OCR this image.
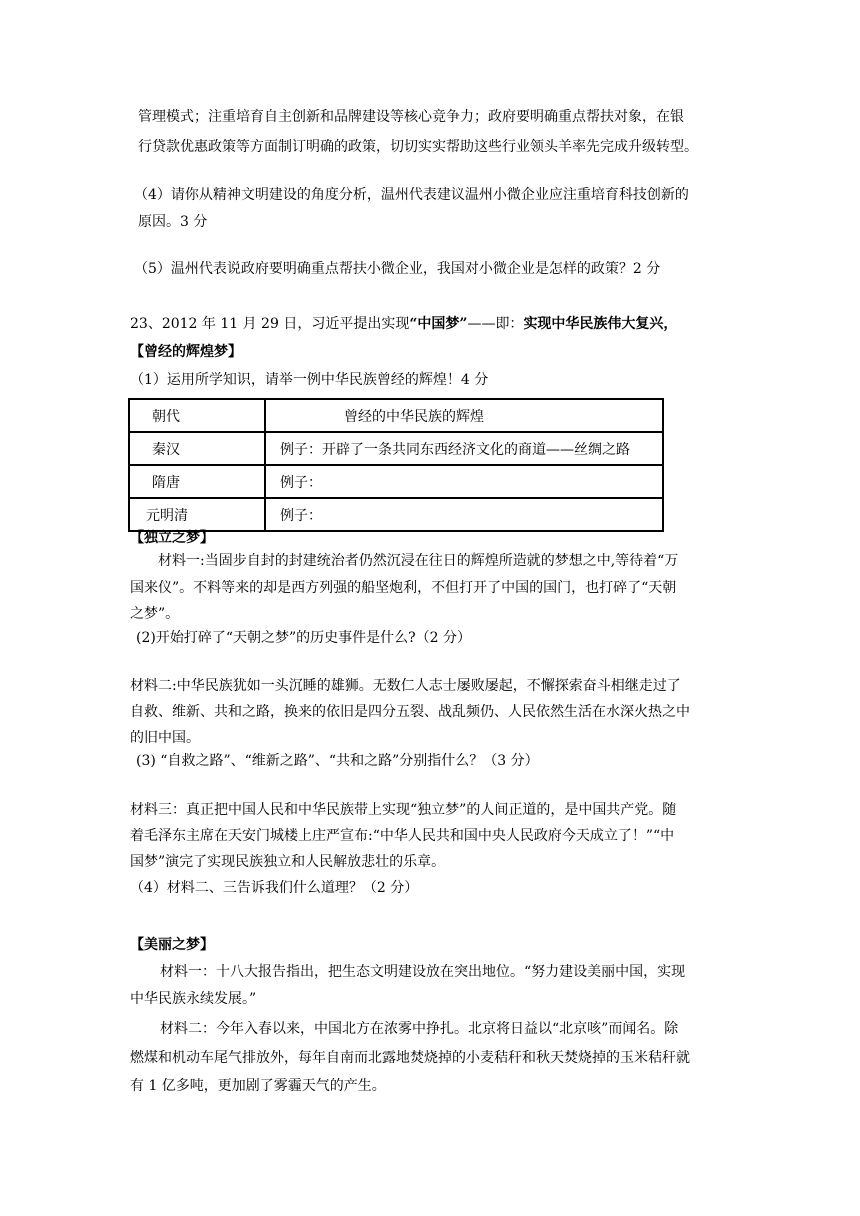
管理模式；注重培育自主创新和品牌建设等核心竞争力；政府要明确重点帮扶对象，在银
行贷款优惠政策等方面制订明确的政策，切切实实帮助这些行业领头羊率先完成升级转型。
（4）请你从精神文明建设的角度分析，温州代表建议温州小微企业应注重培育科技创新的
原因。3 分
（5）温州代表说政府要明确重点帮扶小微企业，我国对小微企业是怎样的政策？2 分
23、2012 年 11 月 29 日，习近平提出实现“中国梦”——即：实现中华民族伟大复兴，
【曾经的辉煌梦】
（1）运用所学知识，请举一例中华民族曾经的辉煌！4 分
朝代	曾经的中华民族的辉煌
秦汉	例子：开辟了一条共同东西经济文化的商道——丝绸之路
隋唐	例子：
元明清	例子：
【独立之梦】
材料一:当固步自封的封建统治者仍然沉浸在往日的辉煌所造就的梦想之中,等待着“万
国来仪”。不料等来的却是西方列强的船坚炮利，不但打开了中国的国门，也打碎了“天朝
之梦”。
(2)开始打碎了“天朝之梦”的历史事件是什么?（2 分）
材料二:中华民族犹如一头沉睡的雄狮。无数仁人志士屡败屡起，不懈探索奋斗相继走过了
自救、维新、共和之路，换来的依旧是四分五裂、战乱频仍、人民依然生活在水深火热之中
的旧中国。
(3) “自救之路”、“维新之路”、“共和之路”分别指什么？（3 分）
材料三：真正把中国人民和中华民族带上实现“独立梦”的人间正道的，是中国共产党。随
着毛泽东主席在天安门城楼上庄严宣布:“中华人民共和国中央人民政府今天成立了！”“中
国梦”演完了实现民族独立和人民解放悲壮的乐章。
（4）材料二、三告诉我们什么道理？（2 分）
【美丽之梦】
材料一：十八大报告指出，把生态文明建设放在突出地位。“努力建设美丽中国，实现
中华民族永续发展。”
材料二：今年入春以来，中国北方在浓雾中挣扎。北京将日益以“北京咳”而闻名。除
燃煤和机动车尾气排放外，每年自南而北露地焚烧掉的小麦秸秆和秋天焚烧掉的玉米秸秆就
有 1 亿多吨，更加剧了雾霾天气的产生。
